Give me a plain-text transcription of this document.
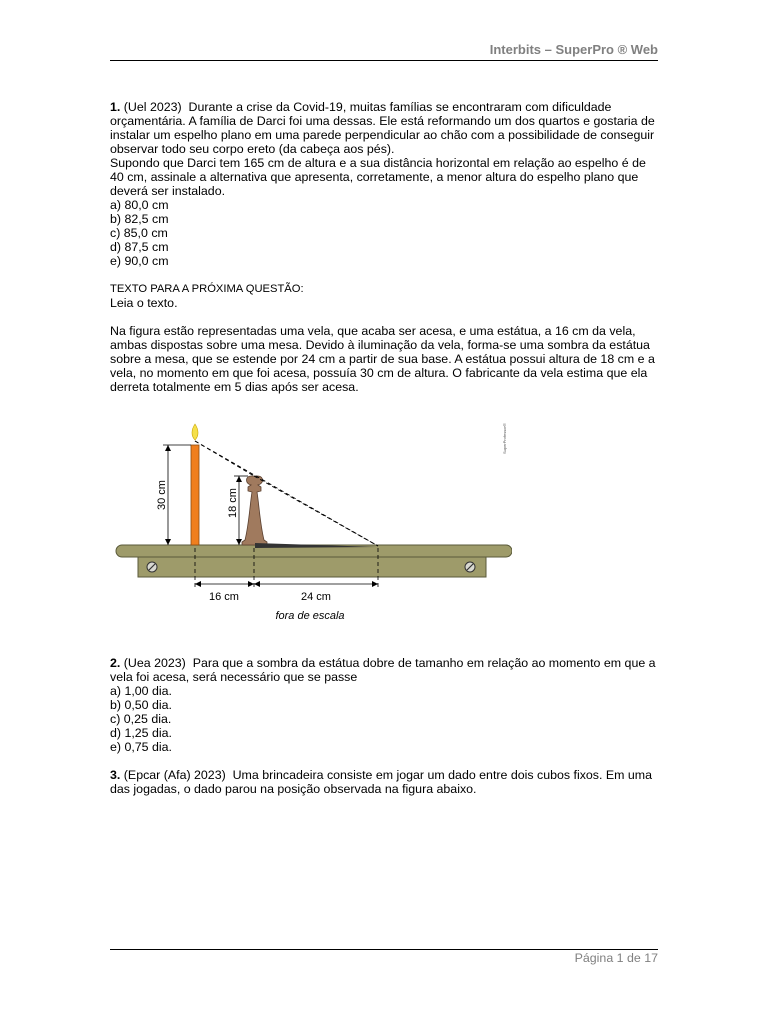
Interbits – SuperPro ® Web

1. (Uel 2023) Durante a crise da Covid-19, muitas famílias se encontraram com dificuldade orçamentária. A família de Darci foi uma dessas. Ele está reformando um dos quartos e gostaria de instalar um espelho plano em uma parede perpendicular ao chão com a possibilidade de conseguir observar todo seu corpo ereto (da cabeça aos pés).

Supondo que Darci tem 165 cm de altura e a sua distância horizontal em relação ao espelho é de 40 cm, assinale a alternativa que apresenta, corretamente, a menor altura do espelho plano que deverá ser instalado.

a) 80,0 cm
b) 82,5 cm
c) 85,0 cm
d) 87,5 cm
e) 90,0 cm

TEXTO PARA A PRÓXIMA QUESTÃO:

Leia o texto.

Na figura estão representadas uma vela, que acaba ser acesa, e uma estátua, a 16 cm da vela, ambas dispostas sobre uma mesa. Devido à iluminação da vela, forma-se uma sombra da estátua sobre a mesa, que se estende por 24 cm a partir de sua base. A estátua possui altura de 18 cm e a vela, no momento em que foi acesa, possuía 30 cm de altura. O fabricante da vela estima que ela derreta totalmente em 5 dias após ser acesa.

30 cm	18 cm
16 cm	24 cm
fora de escala
SuperProfessor®

2. (Uea 2023) Para que a sombra da estátua dobre de tamanho em relação ao momento em que a vela foi acesa, será necessário que se passe

a) 1,00 dia.
b) 0,50 dia.
c) 0,25 dia.
d) 1,25 dia.
e) 0,75 dia.

3. (Epcar (Afa) 2023) Uma brincadeira consiste em jogar um dado entre dois cubos fixos. Em uma das jogadas, o dado parou na posição observada na figura abaixo.

Página 1 de 17
